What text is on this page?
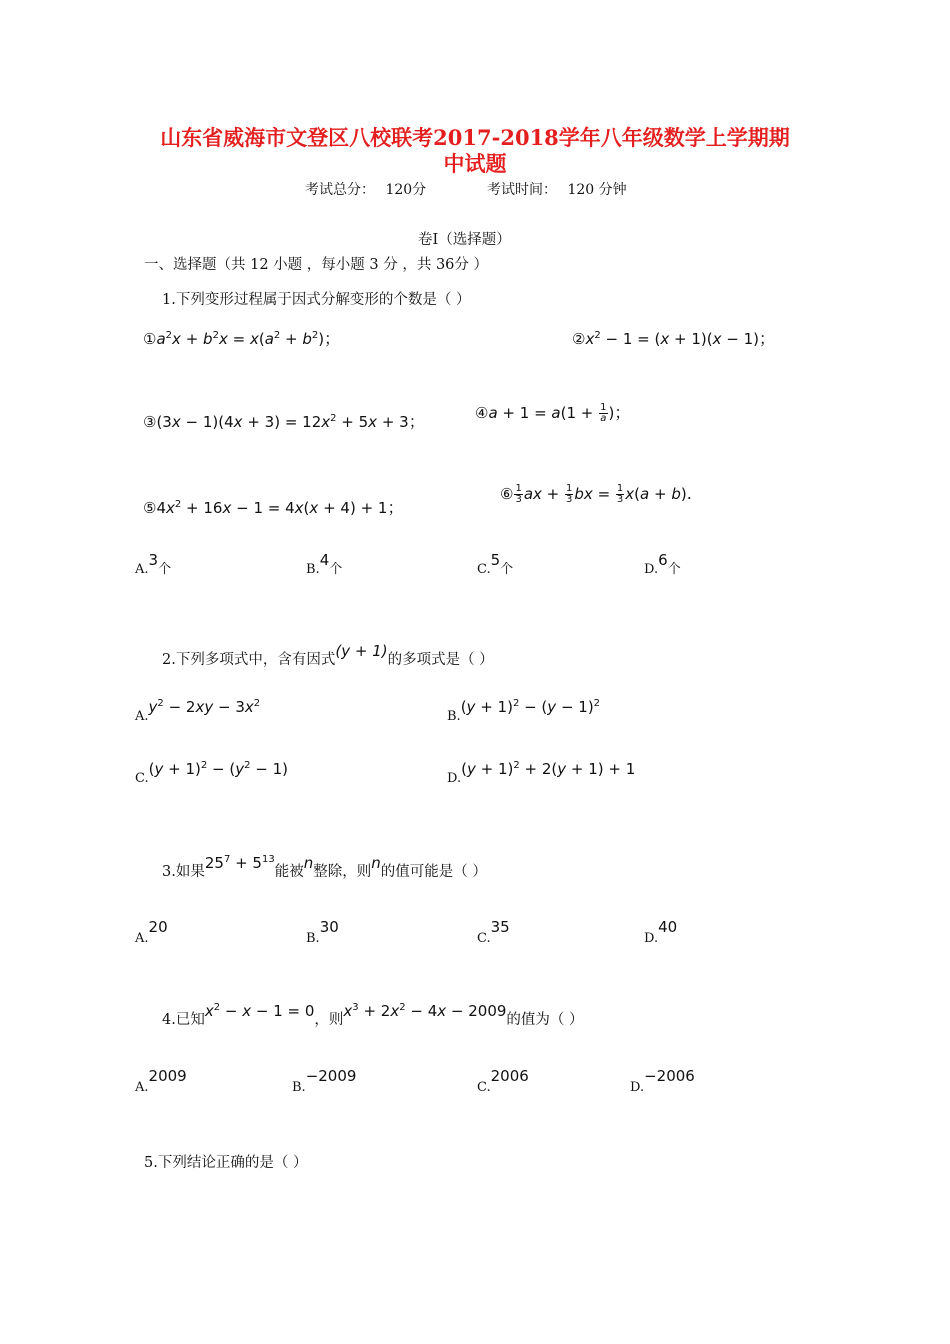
山东省威海市文登区八校联考2017-2018学年八年级数学上学期期
中试题
考试总分： 120分	考试时间： 120 分钟
卷Ⅰ（选择题）
一、选择题（共 12 小题 ，每小题 3 分 ，共 36分 ）
1.下列变形过程属于因式分解变形的个数是（ ）
$①a^2x + b^2x = x(a^2 + b^2)$；	$②x^2 - 1 = (x + 1)(x - 1)$；
③(3x − $1)(4x + 3) = 12x^2 + 5x + 3$；	④a + $1 = a(1 + \frac{1}{a}$ )；
$⑤4x^2 + 16x - 1 = 4x(x + 4) + 1$；
⑥ $\frac{1}{3}$ ax + $\frac{1}{3}$ bx = $\frac{1}{3} x(a + b)$.
A.3个	B.4个	C.5个	D.6个
2.下列多项式中，含有因式(y + 1)的多项式是（ ）
$A.y^2 - 2xy - 3x^2$
$B.(y + 1)^2 - (y - 1)^2$
$C.(y + 1)^2 - (y^2 - 1)$
$D.(y + 1)^2 + 2(y + 1) + 1$
3.如果$25^7 + 5^{13}$能被n整除，则n的值可能是（ ）
A.20
B.30
C.35
D.40
4.已知$x^2 - x - 1 = 0$，则$x^3 + 2x^2 - 4x - 2009$的值为（ ）
A.2009
B.−2009
C.2006
D.−2006
5.下列结论正确的是（ ）
